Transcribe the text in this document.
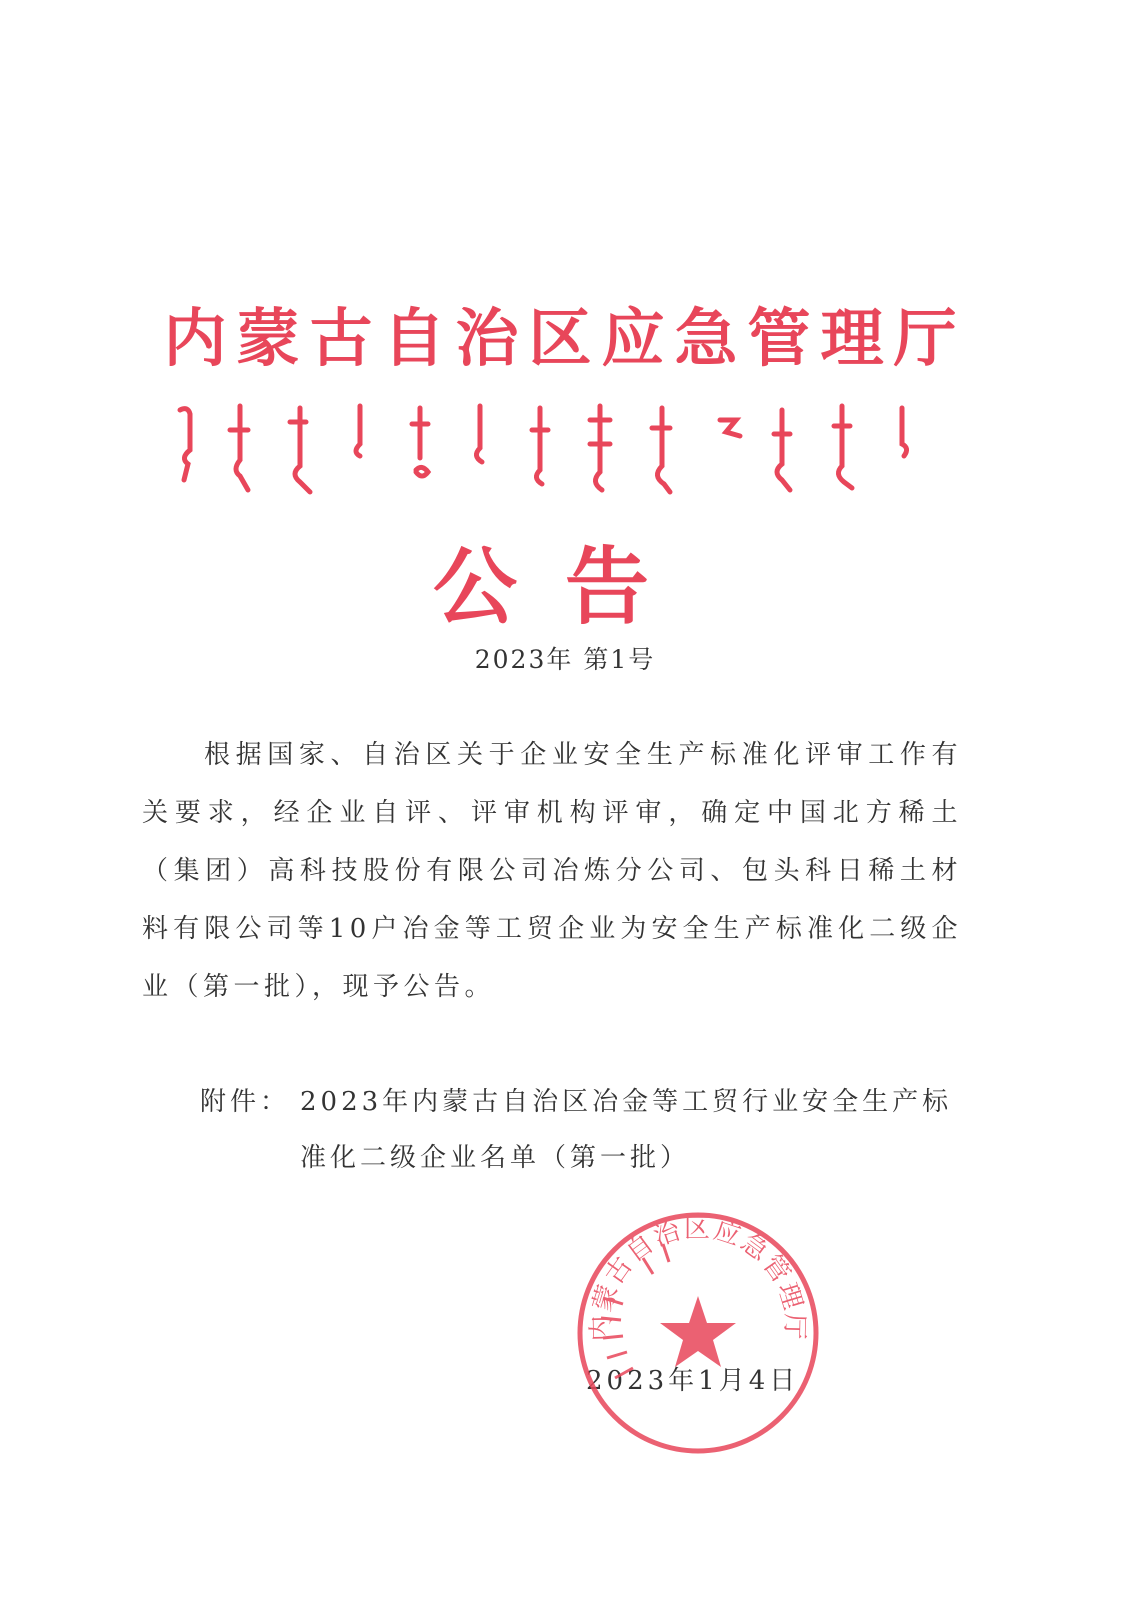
内蒙古自治区应急管理厅
公告
2023年 第1号

根据国家、自治区关于企业安全生产标准化评审工作有关要求，经企业自评、评审机构评审，确定中国北方稀土（集团）高科技股份有限公司冶炼分公司、包头科日稀土材料有限公司等10户冶金等工贸企业为安全生产标准化二级企业（第一批），现予公告。

附件： 2023年内蒙古自治区冶金等工贸行业安全生产标准化二级企业名单（第一批）
2023年1月4日
内蒙古自治区应急管理厅
